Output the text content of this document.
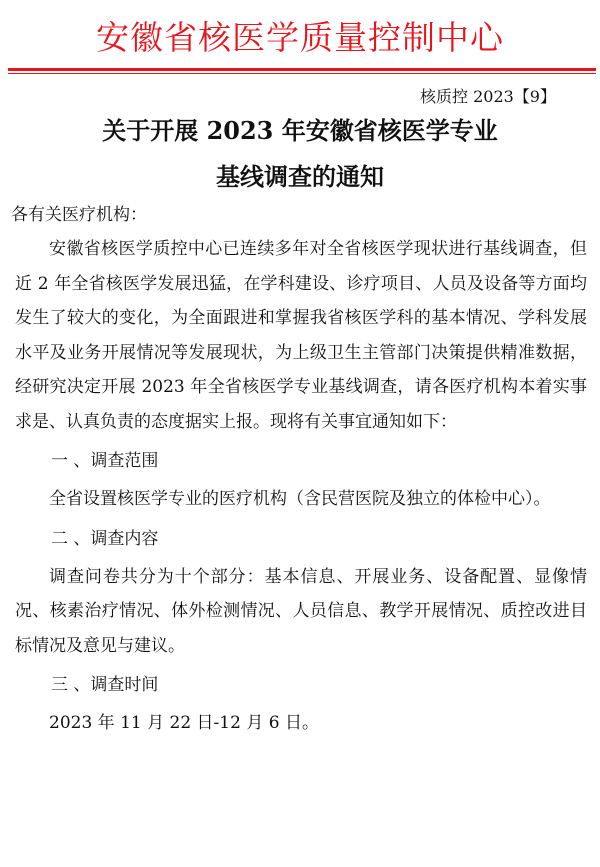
安徽省核医学质量控制中心
核质控 2023【9】
关于开展 2023 年安徽省核医学专业
基线调查的通知
各有关医疗机构：

安徽省核医学质控中心已连续多年对全省核医学现状进行基线调查，但近 2 年全省核医学发展迅猛，在学科建设、诊疗项目、人员及设备等方面均发生了较大的变化，为全面跟进和掌握我省核医学科的基本情况、学科发展水平及业务开展情况等发展现状，为上级卫生主管部门决策提供精准数据，经研究决定开展 2023 年全省核医学专业基线调查，请各医疗机构本着实事求是、认真负责的态度据实上报。现将有关事宜通知如下：

一 、调查范围

全省设置核医学专业的医疗机构（含民营医院及独立的体检中心）。

二 、调查内容

调查问卷共分为十个部分：基本信息、开展业务、设备配置、显像情况、核素治疗情况、体外检测情况、人员信息、教学开展情况、质控改进目标情况及意见与建议。

三 、调查时间

2023 年 11 月 22 日-12 月 6 日。
